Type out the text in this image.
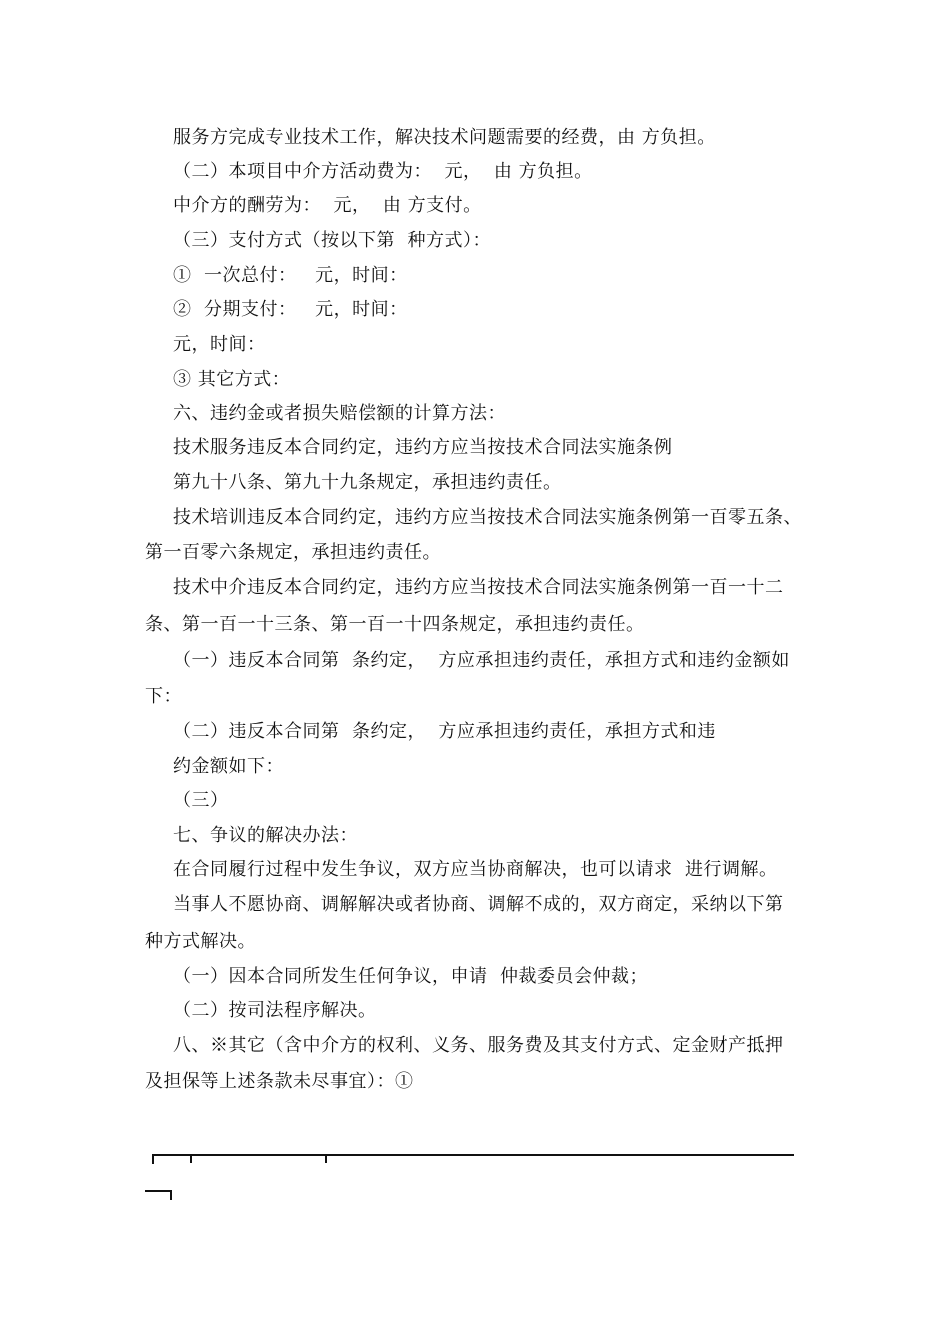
服务方完成专业技术工作，解决技术问题需要的经费，由 方负担。
（二）本项目中介方活动费为：  元，  由 方负担。
中介方的酬劳为：  元，  由 方支付。
（三）支付方式（按以下第  种方式）：
①  一次总付：   元，时间：
②  分期支付：   元，时间：
元，时间：
③ 其它方式：
六、违约金或者损失赔偿额的计算方法：
技术服务违反本合同约定，违约方应当按技术合同法实施条例
第九十八条、第九十九条规定，承担违约责任。
技术培训违反本合同约定，违约方应当按技术合同法实施条例第一百零五条、
第一百零六条规定，承担违约责任。
技术中介违反本合同约定，违约方应当按技术合同法实施条例第一百一十二
条、第一百一十三条、第一百一十四条规定，承担违约责任。
（一）违反本合同第  条约定，  方应承担违约责任，承担方式和违约金额如
下：
（二）违反本合同第  条约定，  方应承担违约责任，承担方式和违
约金额如下：
（三）
七、争议的解决办法：
在合同履行过程中发生争议，双方应当协商解决，也可以请求  进行调解。
当事人不愿协商、调解解决或者协商、调解不成的，双方商定，采纳以下第
种方式解决。
（一）因本合同所发生任何争议，申请  仲裁委员会仲裁；
（二）按司法程序解决。
八、※其它（含中介方的权利、义务、服务费及其支付方式、定金财产抵押
及担保等上述条款未尽事宜）：①
